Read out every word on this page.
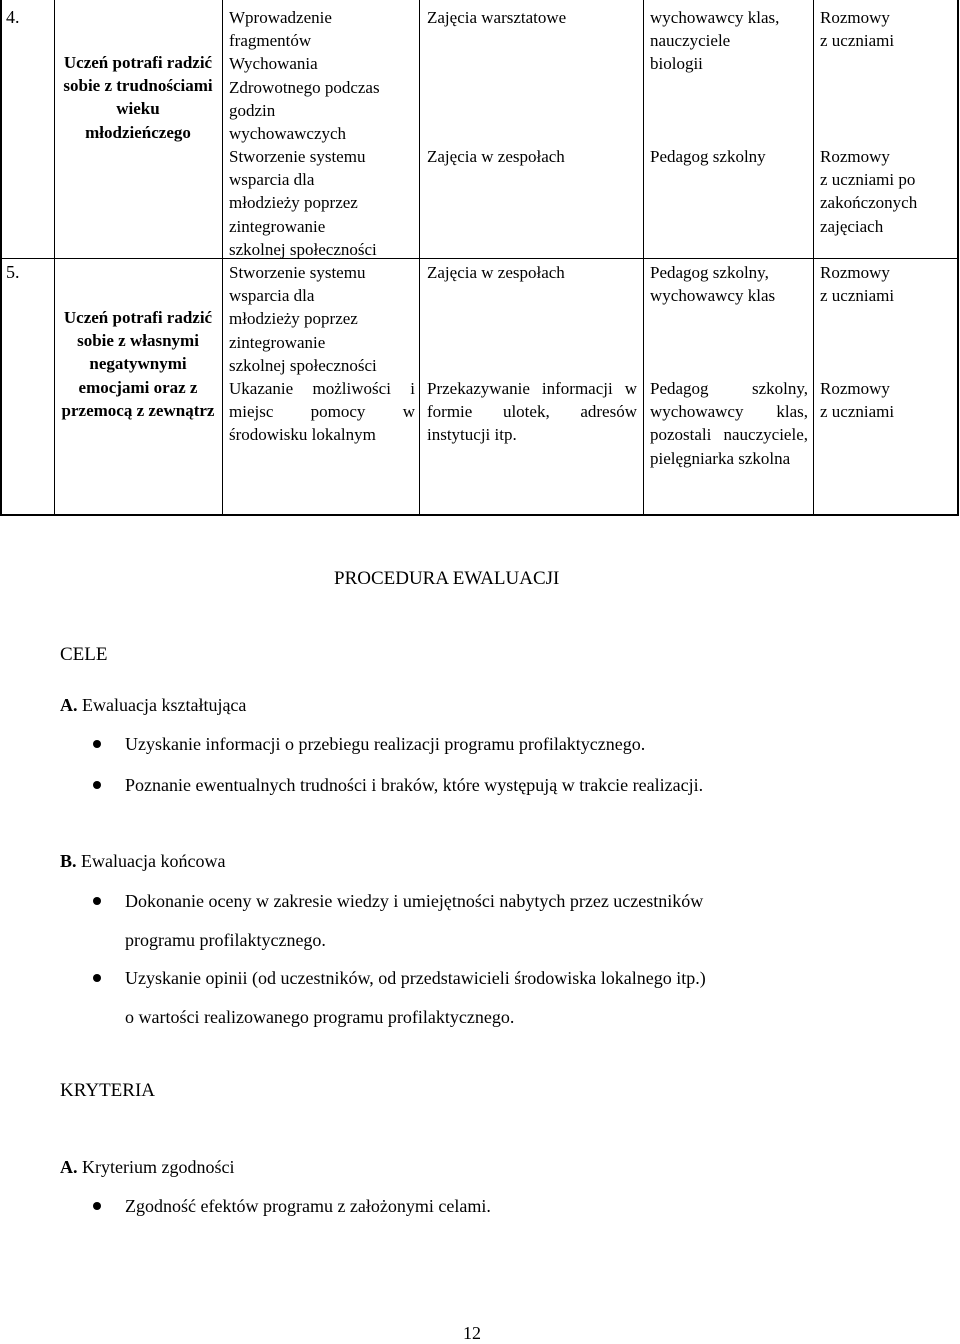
4.
Uczeń potrafi radzić sobie z trudnościami wieku młodzieńczego
Wprowadzenie
fragmentów
Wychowania
Zdrowotnego podczas
godzin
wychowawczych
Stworzenie systemu
wsparcia dla
młodzieży poprzez
zintegrowanie
szkolnej społeczności
Zajęcia warsztatowe
Zajęcia w zespołach
wychowawcy klas,
nauczyciele
biologii
Pedagog szkolny
Rozmowy
z uczniami
Rozmowy
z uczniami po
zakończonych
zajęciach
5.
Uczeń potrafi radzić sobie z własnymi negatywnymi emocjami oraz z przemocą z zewnątrz
Stworzenie systemu
wsparcia dla
młodzieży poprzez
zintegrowanie
szkolnej społeczności
Ukazanie możliwości i miejsc pomocy w środowisku lokalnym
Zajęcia w zespołach
Przekazywanie informacji w formie ulotek, adresów instytucji itp.
Pedagog szkolny,
wychowawcy klas
Pedagog szkolny, wychowawcy klas, pozostali nauczyciele, pielęgniarka szkolna
Rozmowy
z uczniami
Rozmowy
z uczniami
PROCEDURA EWALUACJI
CELE
A. Ewaluacja kształtująca
Uzyskanie informacji o przebiegu realizacji programu profilaktycznego.
Poznanie ewentualnych trudności i braków, które występują w trakcie realizacji.
B. Ewaluacja końcowa
Dokonanie oceny w zakresie wiedzy i umiejętności nabytych przez uczestników
programu profilaktycznego.
Uzyskanie opinii (od uczestników, od przedstawicieli środowiska lokalnego itp.)
o wartości realizowanego programu profilaktycznego.
KRYTERIA
A. Kryterium zgodności
Zgodność efektów programu z założonymi celami.
12
